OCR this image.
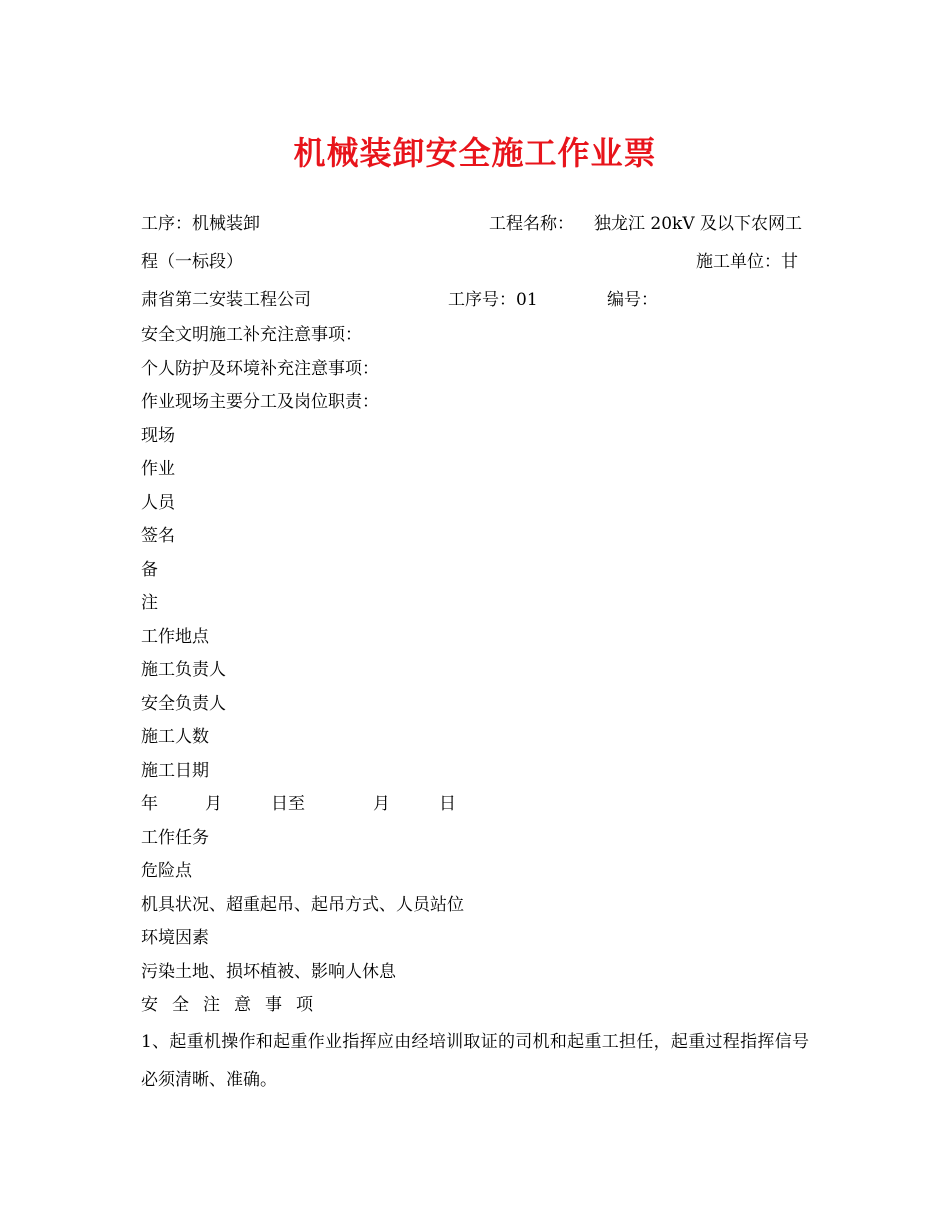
机械装卸安全施工作业票
工序：机械装卸	工程名称： 独龙江 20kV 及以下农网工
程（一标段）	施工单位：甘
肃省第二安装工程公司	工序号：01	编号：
安全文明施工补充注意事项：
个人防护及环境补充注意事项：
作业现场主要分工及岗位职责：
现场
作业
人员
签名
备
注
工作地点
施工负责人
安全负责人
施工人数
施工日期
年	月	日至	月	日
工作任务
危险点
机具状况、超重起吊、起吊方式、人员站位
环境因素
污染土地、损坏植被、影响人休息
安 全 注 意 事 项
1、起重机操作和起重作业指挥应由经培训取证的司机和起重工担任，起重过程指挥信号必须清晰、准确。
